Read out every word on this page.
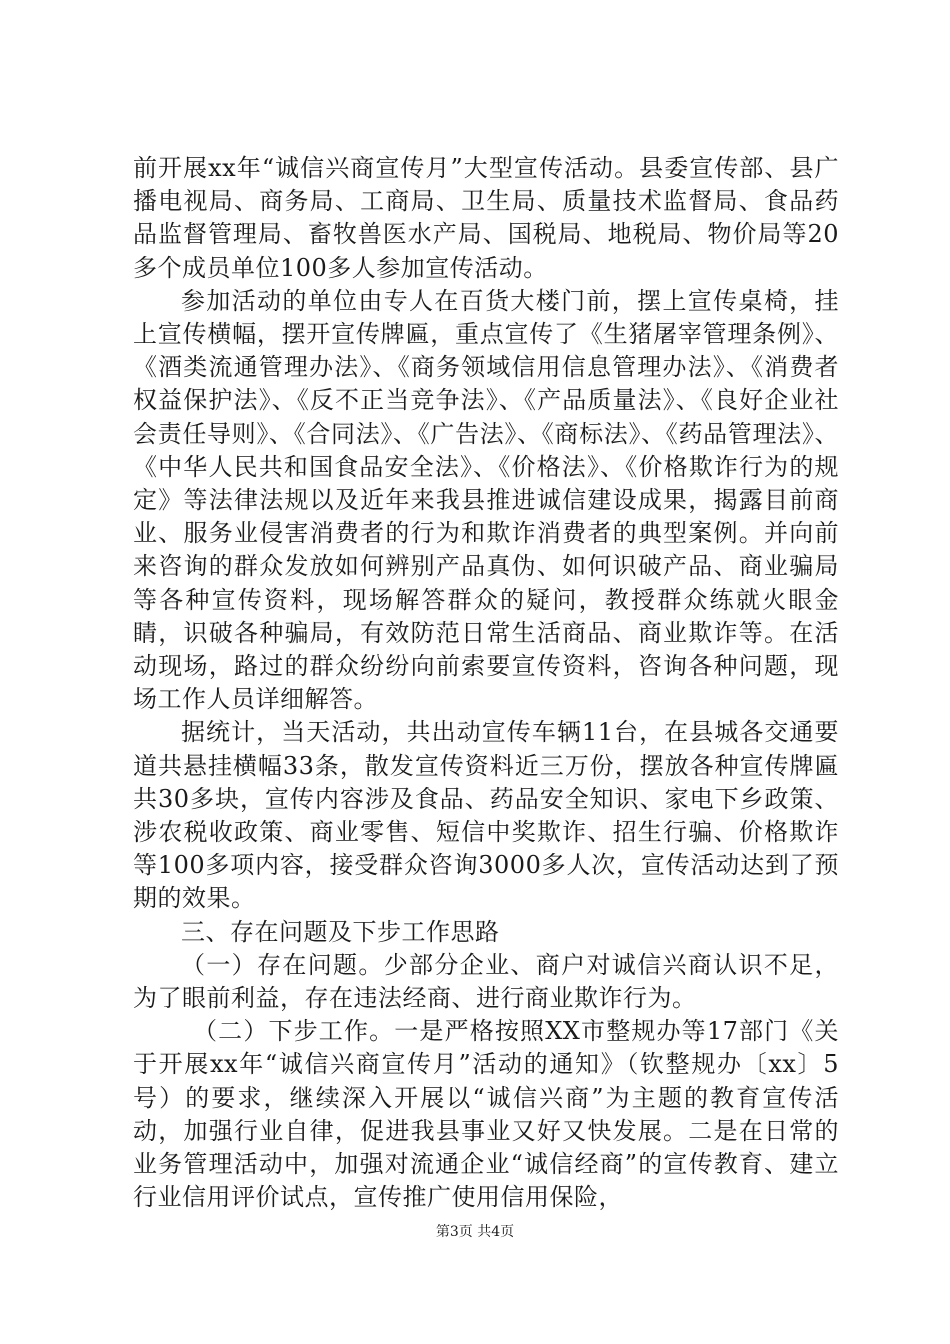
前开展xx年“诚信兴商宣传月”大型宣传活动。县委宣传部、县广播电视局、商务局、工商局、卫生局、质量技术监督局、食品药品监督管理局、畜牧兽医水产局、国税局、地税局、物价局等20多个成员单位100多人参加宣传活动。

参加活动的单位由专人在百货大楼门前，摆上宣传桌椅，挂上宣传横幅，摆开宣传牌匾，重点宣传了《生猪屠宰管理条例》、《酒类流通管理办法》、《商务领域信用信息管理办法》、《消费者权益保护法》、《反不正当竞争法》、《产品质量法》、《良好企业社会责任导则》、《合同法》、《广告法》、《商标法》、《药品管理法》、《中华人民共和国食品安全法》、《价格法》、《价格欺诈行为的规定》等法律法规以及近年来我县推进诚信建设成果，揭露目前商业、服务业侵害消费者的行为和欺诈消费者的典型案例。并向前来咨询的群众发放如何辨别产品真伪、如何识破产品、商业骗局等各种宣传资料，现场解答群众的疑问，教授群众练就火眼金睛，识破各种骗局，有效防范日常生活商品、商业欺诈等。在活动现场，路过的群众纷纷向前索要宣传资料，咨询各种问题，现场工作人员详细解答。

据统计，当天活动，共出动宣传车辆11台，在县城各交通要道共悬挂横幅33条，散发宣传资料近三万份，摆放各种宣传牌匾共30多块，宣传内容涉及食品、药品安全知识、家电下乡政策、涉农税收政策、商业零售、短信中奖欺诈、招生行骗、价格欺诈等100多项内容，接受群众咨询3000多人次，宣传活动达到了预期的效果。

三、存在问题及下步工作思路

（一）存在问题。少部分企业、商户对诚信兴商认识不足，为了眼前利益，存在违法经商、进行商业欺诈行为。

（二）下步工作。一是严格按照XX市整规办等17部门《关于开展xx年“诚信兴商宣传月”活动的通知》（钦整规办〔xx〕5号）的要求，继续深入开展以“诚信兴商”为主题的教育宣传活动，加强行业自律，促进我县事业又好又快发展。二是在日常的业务管理活动中，加强对流通企业“诚信经商”的宣传教育、建立行业信用评价试点，宣传推广使用信用保险，

第3页 共4页
